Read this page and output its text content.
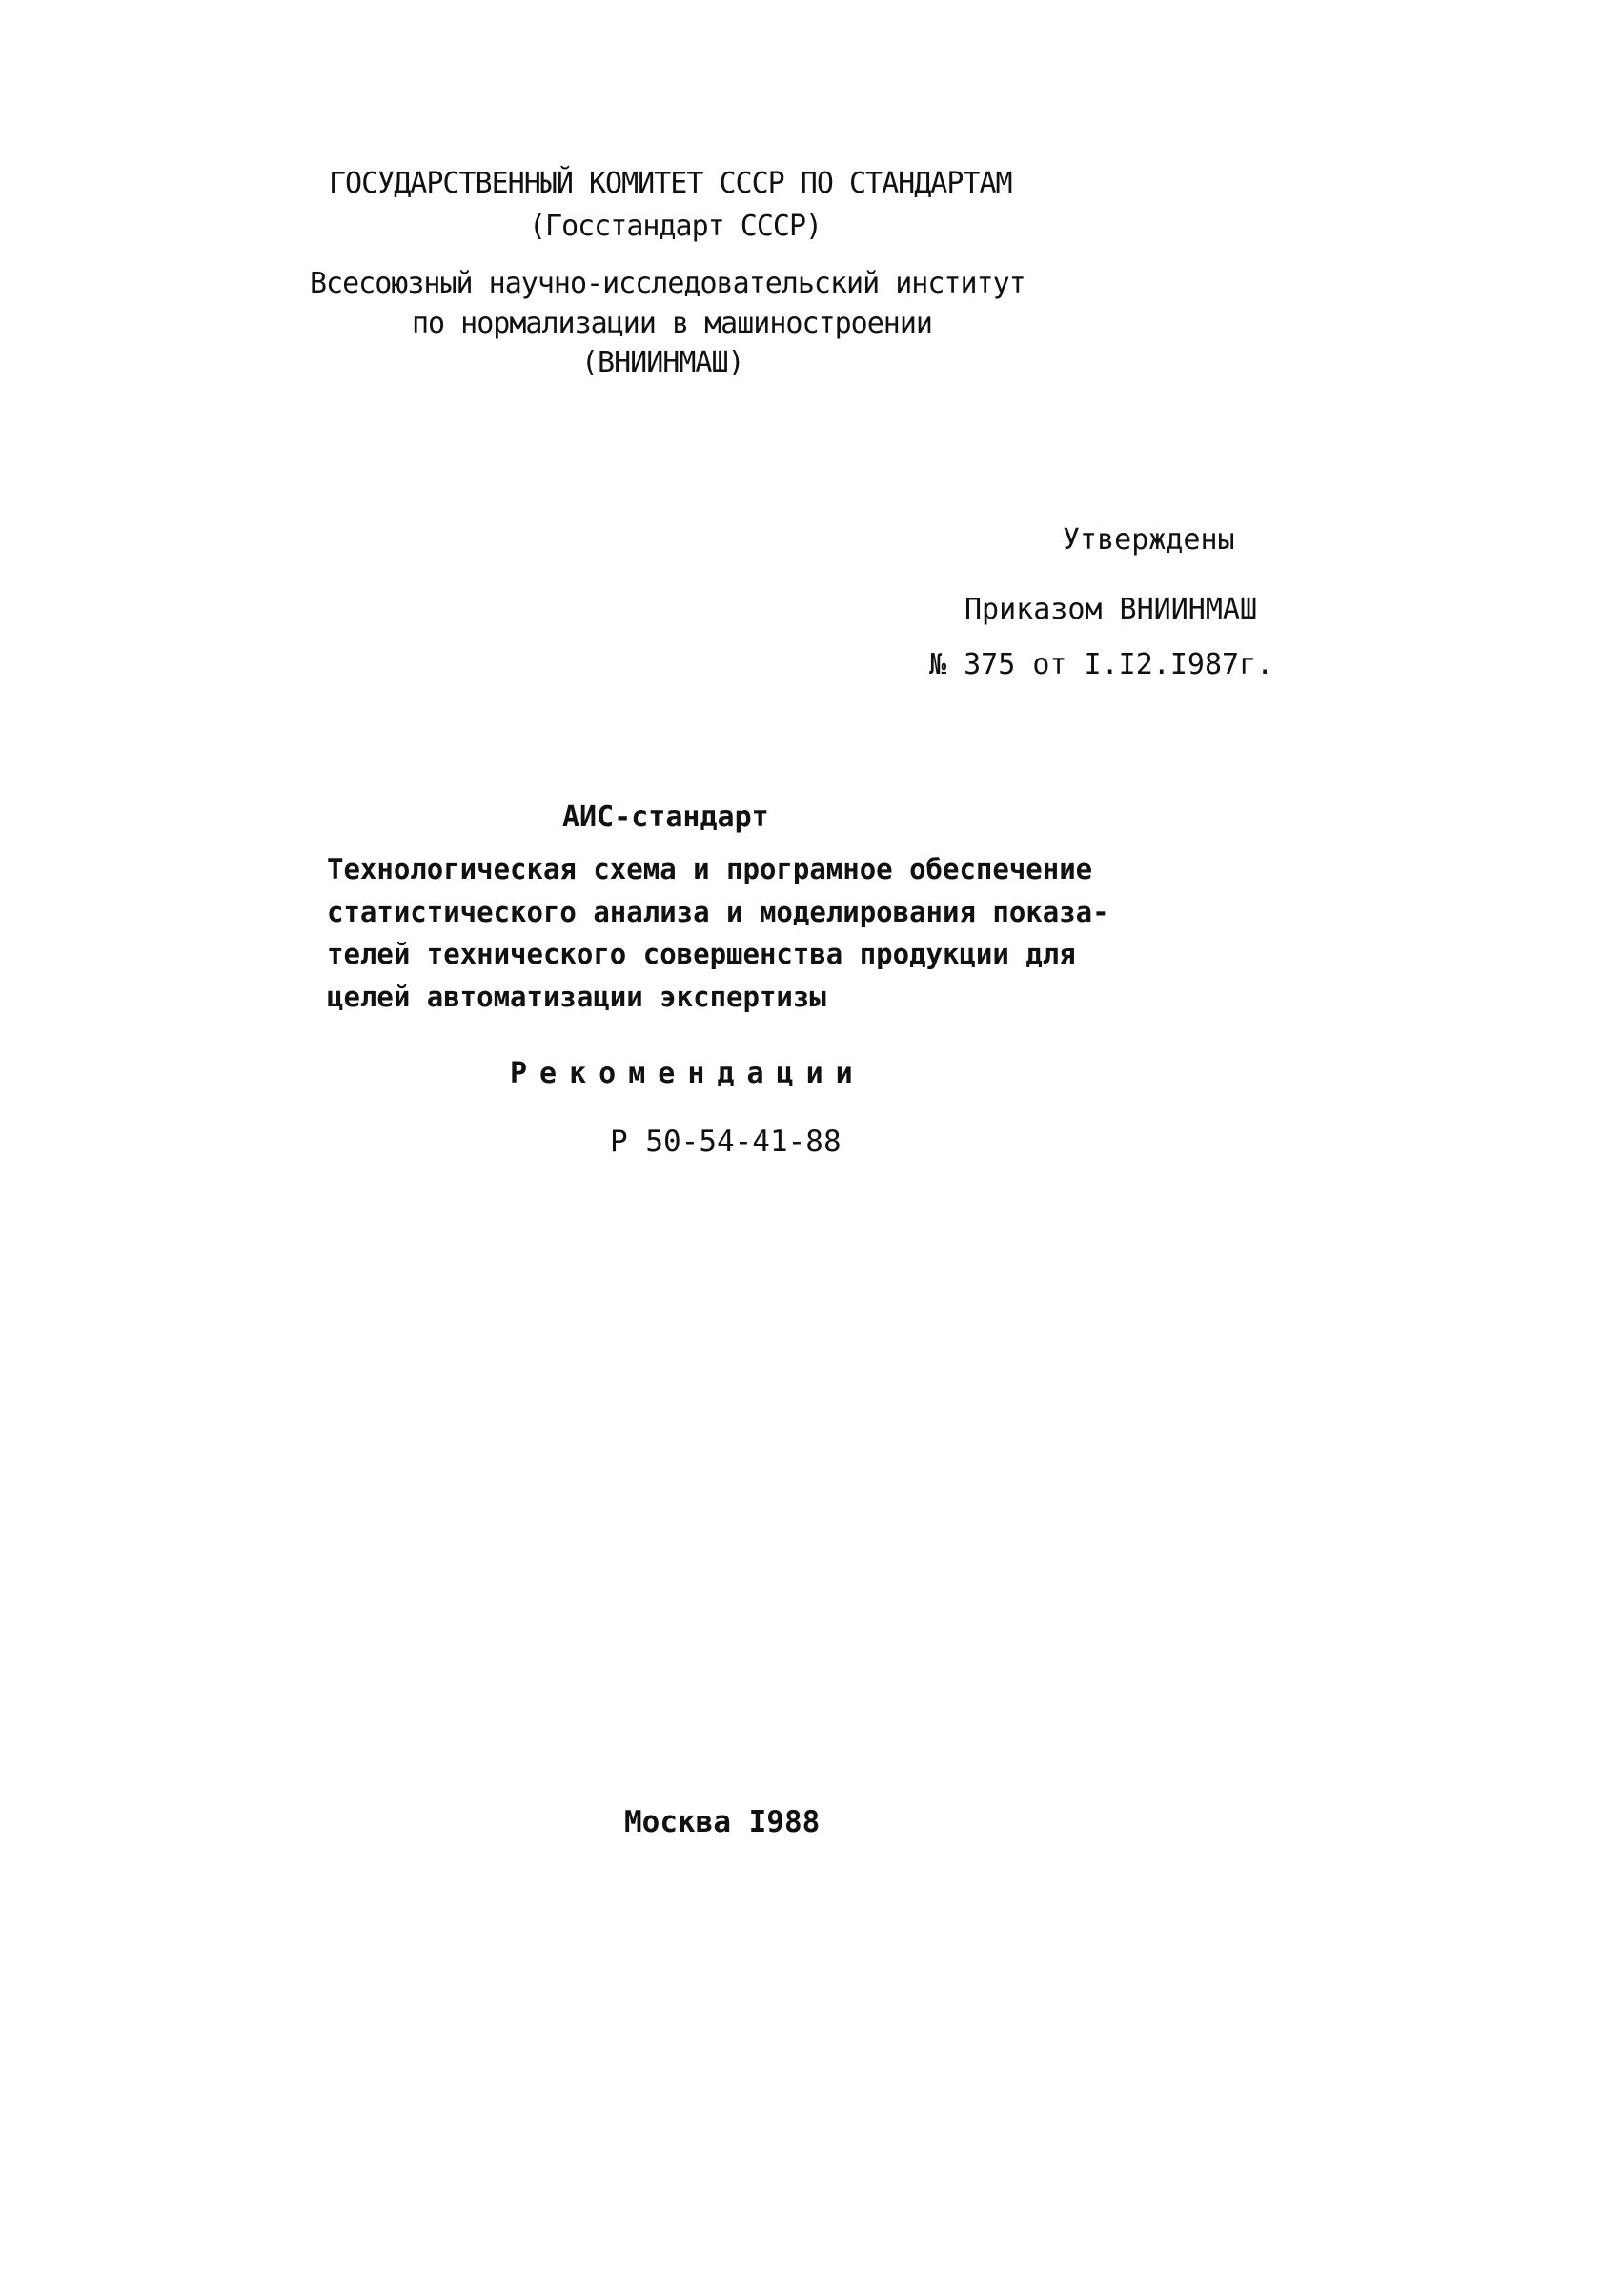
ГОСУДАРСТВЕННЫЙ КОМИТЕТ СССР ПО СТАНДАРТАМ
(Госстандарт СССР)
Всесоюзный научно-исследовательский институт
по нормализации в машиностроении
(ВНИИНМАШ)
Утверждены
Приказом ВНИИНМАШ
№ 375 от I.I2.I987г.
АИС-стандарт
Технологическая схема и програмное обеспечение
статистического анализа и моделирования показа-
телей технического совершенства продукции для
целей автоматизации экспертизы
Рекомендации
Р 50-54-41-88
Москва I988
